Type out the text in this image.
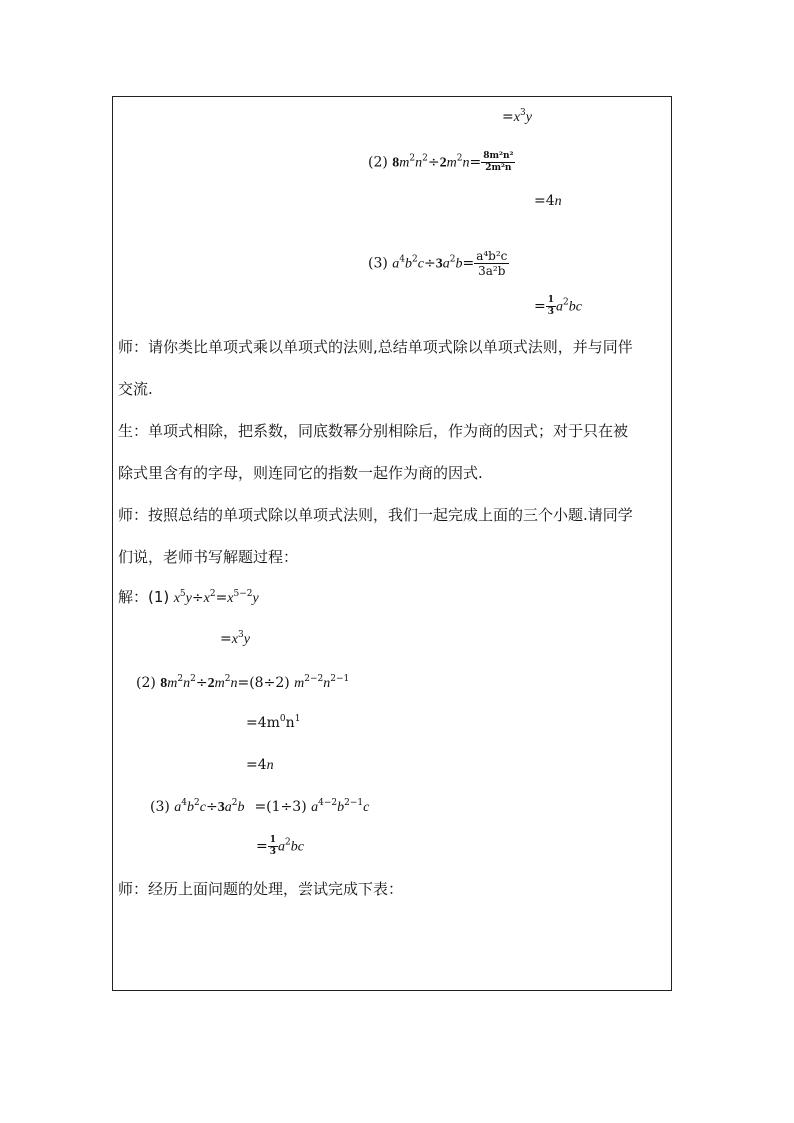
$=x^3y$
(2) $8m^2n^2\div 2m^2n= \frac{\text{8m²n²}}{\text{2m²n}}$
=4n
(3) $a^4b^2c\div 3a^2b= \frac{\text{a⁴b²c}}{\text{3a²b}}$
= $\frac{1}{3} a^2bc$
师：请你类比单项式乘以单项式的法则,总结单项式除以单项式法则，并与同伴
交流.
生：单项式相除，把系数，同底数幂分别相除后，作为商的因式；对于只在被
除式里含有的字母，则连同它的指数一起作为商的因式.
师：按照总结的单项式除以单项式法则，我们一起完成上面的三个小题.请同学
们说，老师书写解题过程：
解：(1) $x^5y\div x^2=x^{5-2}y$
$=x^3y$
(2) $8m^2n^2\div 2m^2n=(8\div 2)$ $m^{2-2}n^{2-1}$
$=4m^0n^1$
=4n
(3) $a^4b^2c\div 3a^2b =(1\div 3)$ $a^{4-2}b^{2-1}c$
= $\frac{1}{3} a^2bc$
师：经历上面问题的处理，尝试完成下表：
